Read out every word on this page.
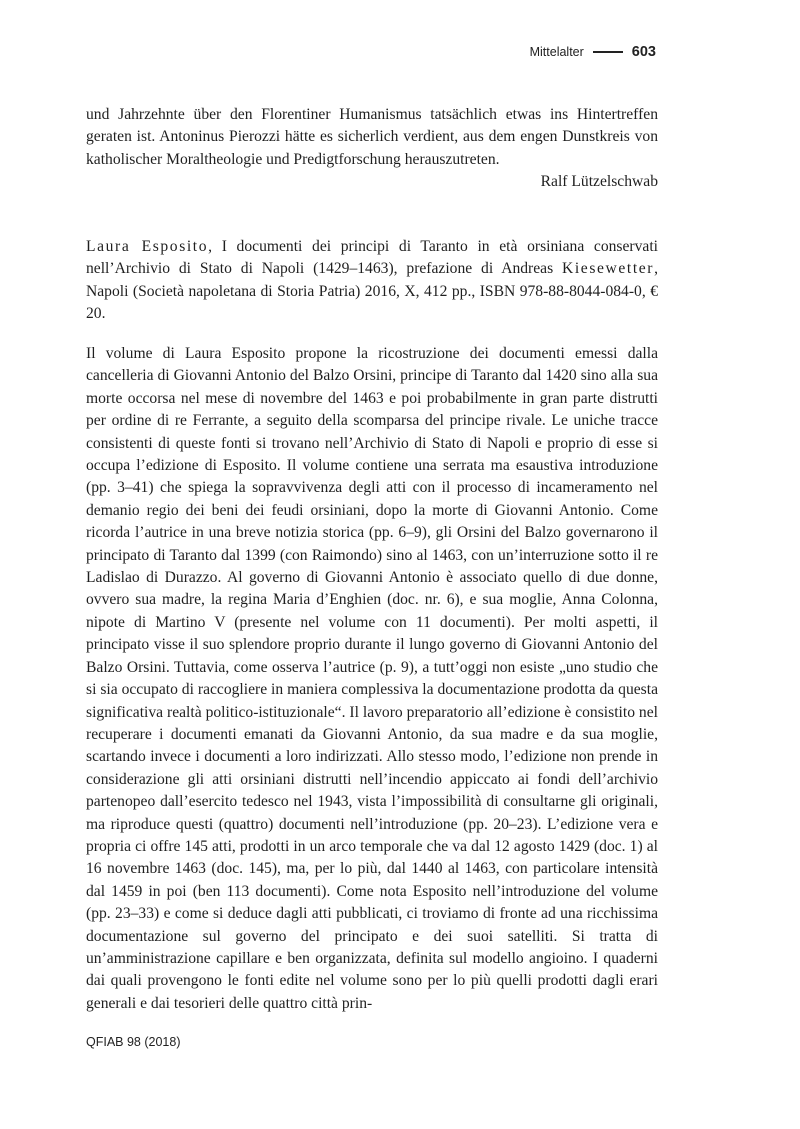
Mittelalter	603

und Jahrzehnte über den Florentiner Humanismus tatsächlich etwas ins Hintertreffen geraten ist. Antoninus Pierozzi hätte es sicherlich verdient, aus dem engen Dunstkreis von katholischer Moraltheologie und Predigtforschung herauszutreten.

Ralf Lützelschwab

Laura Esposito, I documenti dei principi di Taranto in età orsiniana conservati nell’Archivio di Stato di Napoli (1429–1463), prefazione di Andreas Kiesewetter, Napoli (Società napoletana di Storia Patria) 2016, X, 412 pp., ISBN 978-88-8044-084-0, € 20.

Il volume di Laura Esposito propone la ricostruzione dei documenti emessi dalla cancelleria di Giovanni Antonio del Balzo Orsini, principe di Taranto dal 1420 sino alla sua morte occorsa nel mese di novembre del 1463 e poi probabilmente in gran parte distrutti per ordine di re Ferrante, a seguito della scomparsa del principe rivale. Le uniche tracce consistenti di queste fonti si trovano nell’Archivio di Stato di Napoli e proprio di esse si occupa l’edizione di Esposito. Il volume contiene una serrata ma esaustiva introduzione (pp. 3–41) che spiega la sopravvivenza degli atti con il processo di incameramento nel demanio regio dei beni dei feudi orsiniani, dopo la morte di Giovanni Antonio. Come ricorda l’autrice in una breve notizia storica (pp. 6–9), gli Orsini del Balzo governarono il principato di Taranto dal 1399 (con Raimondo) sino al 1463, con un’interruzione sotto il re Ladislao di Durazzo. Al governo di Giovanni Antonio è associato quello di due donne, ovvero sua madre, la regina Maria d’Enghien (doc. nr. 6), e sua moglie, Anna Colonna, nipote di Martino V (presente nel volume con 11 documenti). Per molti aspetti, il principato visse il suo splendore proprio durante il lungo governo di Giovanni Antonio del Balzo Orsini. Tuttavia, come osserva l’autrice (p. 9), a tutt’oggi non esiste „uno studio che si sia occupato di raccogliere in maniera complessiva la documentazione prodotta da questa significativa realtà politico-istituzionale“. Il lavoro preparatorio all’edizione è consistito nel recuperare i documenti emanati da Giovanni Antonio, da sua madre e da sua moglie, scartando invece i documenti a loro indirizzati. Allo stesso modo, l’edizione non prende in considerazione gli atti orsiniani distrutti nell’incendio appiccato ai fondi dell’archivio partenopeo dall’esercito tedesco nel 1943, vista l’impossibilità di consultarne gli originali, ma riproduce questi (quattro) documenti nell’introduzione (pp. 20–23). L’edizione vera e propria ci offre 145 atti, prodotti in un arco temporale che va dal 12 agosto 1429 (doc. 1) al 16 novembre 1463 (doc. 145), ma, per lo più, dal 1440 al 1463, con particolare intensità dal 1459 in poi (ben 113 documenti). Come nota Esposito nell’introduzione del volume (pp. 23–33) e come si deduce dagli atti pubblicati, ci troviamo di fronte ad una ricchissima documentazione sul governo del principato e dei suoi satelliti. Si tratta di un’amministrazione capillare e ben organizzata, definita sul modello angioino. I quaderni dai quali provengono le fonti edite nel volume sono per lo più quelli prodotti dagli erari generali e dai tesorieri delle quattro città prin-

QFIAB 98 (2018)
